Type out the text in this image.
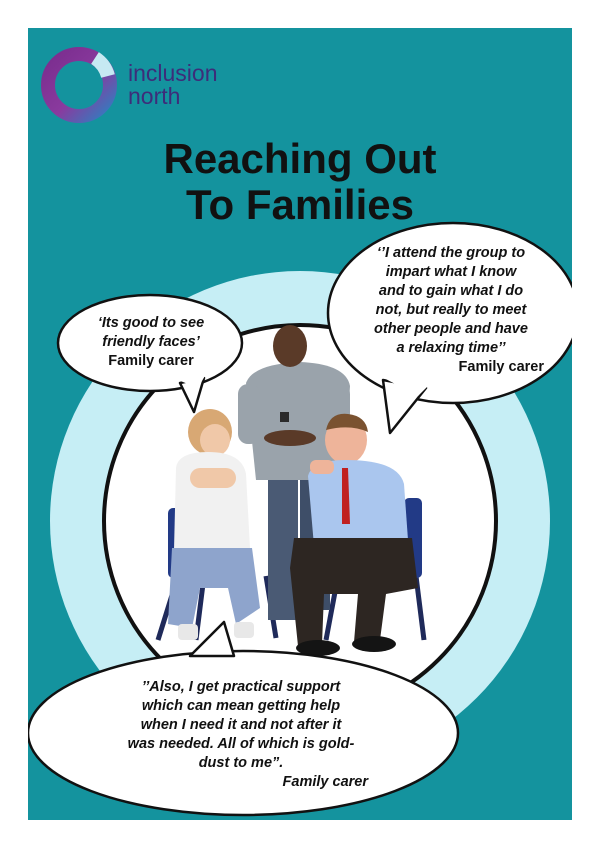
inclusion
north
Reaching Out
To Families
‘Its good to see
friendly faces’
Family carer
‘’I attend the group to
impart what I know
and to gain what I do
not, but really to meet
other people and have
a relaxing time’’
Family carer
’’Also, I get practical support
which can mean getting help
when I need it and not after it
was needed. All of which is gold-
dust to me”.
Family carer
